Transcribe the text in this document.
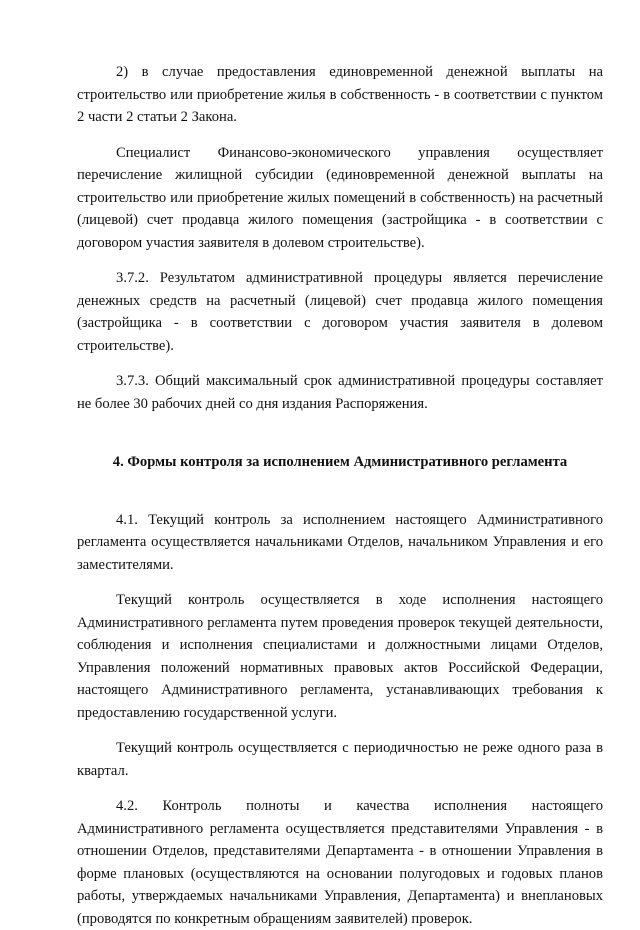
2) в случае предоставления единовременной денежной выплаты на строительство или приобретение жилья в собственность - в соответствии с пунктом 2 части 2 статьи 2 Закона.

Специалист Финансово-экономического управления осуществляет перечисление жилищной субсидии (единовременной денежной выплаты на строительство или приобретение жилых помещений в собственность) на расчетный (лицевой) счет продавца жилого помещения (застройщика - в соответствии с договором участия заявителя в долевом строительстве).

3.7.2. Результатом административной процедуры является перечисление денежных средств на расчетный (лицевой) счет продавца жилого помещения (застройщика - в соответствии с договором участия заявителя в долевом строительстве).

3.7.3. Общий максимальный срок административной процедуры составляет не более 30 рабочих дней со дня издания Распоряжения.

4. Формы контроля за исполнением Административного регламента

4.1. Текущий контроль за исполнением настоящего Административного регламента осуществляется начальниками Отделов, начальником Управления и его заместителями.

Текущий контроль осуществляется в ходе исполнения настоящего Административного регламента путем проведения проверок текущей деятельности, соблюдения и исполнения специалистами и должностными лицами Отделов, Управления положений нормативных правовых актов Российской Федерации, настоящего Административного регламента, устанавливающих требования к предоставлению государственной услуги.

Текущий контроль осуществляется с периодичностью не реже одного раза в квартал.

4.2. Контроль полноты и качества исполнения настоящего Административного регламента осуществляется представителями Управления - в отношении Отделов, представителями Департамента - в отношении Управления в форме плановых (осуществляются на основании полугодовых и годовых планов работы, утверждаемых начальниками Управления, Департамента) и внеплановых (проводятся по конкретным обращениям заявителей) проверок.
